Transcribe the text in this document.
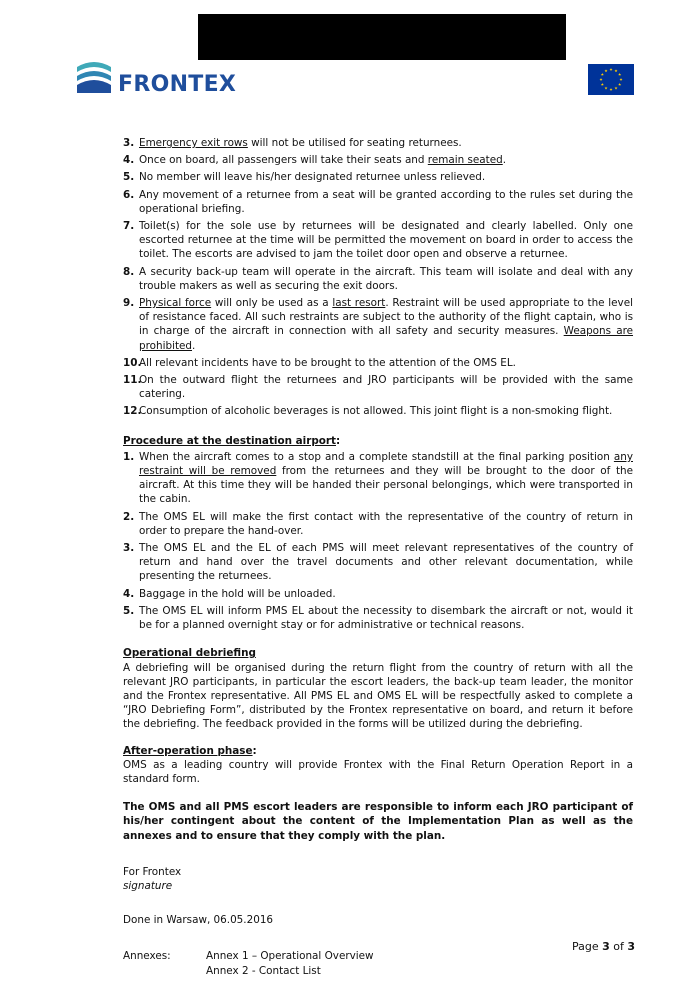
FRONTEX
3. Emergency exit rows will not be utilised for seating returnees.
4. Once on board, all passengers will take their seats and remain seated.
5. No member will leave his/her designated returnee unless relieved.
6. Any movement of a returnee from a seat will be granted according to the rules set during the operational briefing.
7. Toilet(s) for the sole use by returnees will be designated and clearly labelled. Only one escorted returnee at the time will be permitted the movement on board in order to access the toilet. The escorts are advised to jam the toilet door open and observe a returnee.
8. A security back-up team will operate in the aircraft. This team will isolate and deal with any trouble makers as well as securing the exit doors.
9. Physical force will only be used as a last resort. Restraint will be used appropriate to the level of resistance faced. All such restraints are subject to the authority of the flight captain, who is in charge of the aircraft in connection with all safety and security measures. Weapons are prohibited.
10.
All relevant incidents have to be brought to the attention of the OMS EL.
11.
On the outward flight the returnees and JRO participants will be provided with the same catering.
12.
Consumption of alcoholic beverages is not allowed. This joint flight is a non-smoking flight.

Procedure at the destination airport:

1. When the aircraft comes to a stop and a complete standstill at the final parking position any restraint will be removed from the returnees and they will be brought to the door of the aircraft. At this time they will be handed their personal belongings, which were transported in the cabin.
2. The OMS EL will make the first contact with the representative of the country of return in order to prepare the hand-over.
3. The OMS EL and the EL of each PMS will meet relevant representatives of the country of return and hand over the travel documents and other relevant documentation, while presenting the returnees.
4. Baggage in the hold will be unloaded.
5. The OMS EL will inform PMS EL about the necessity to disembark the aircraft or not, would it be for a planned overnight stay or for administrative or technical reasons.

Operational debriefing

A debriefing will be organised during the return flight from the country of return with all the relevant JRO participants, in particular the escort leaders, the back-up team leader, the monitor and the Frontex representative. All PMS EL and OMS EL will be respectfully asked to complete a “JRO Debriefing Form”, distributed by the Frontex representative on board, and return it before the debriefing. The feedback provided in the forms will be utilized during the debriefing.

After-operation phase:

OMS as a leading country will provide Frontex with the Final Return Operation Report in a standard form.

The OMS and all PMS escort leaders are responsible to inform each JRO participant of his/her contingent about the content of the Implementation Plan as well as the annexes and to ensure that they comply with the plan.

For Frontex

signature

Done in Warsaw, 06.05.2016

Annexes:	Annex 1 – Operational Overview
Annex 2 - Contact List
Page 3 of 3
